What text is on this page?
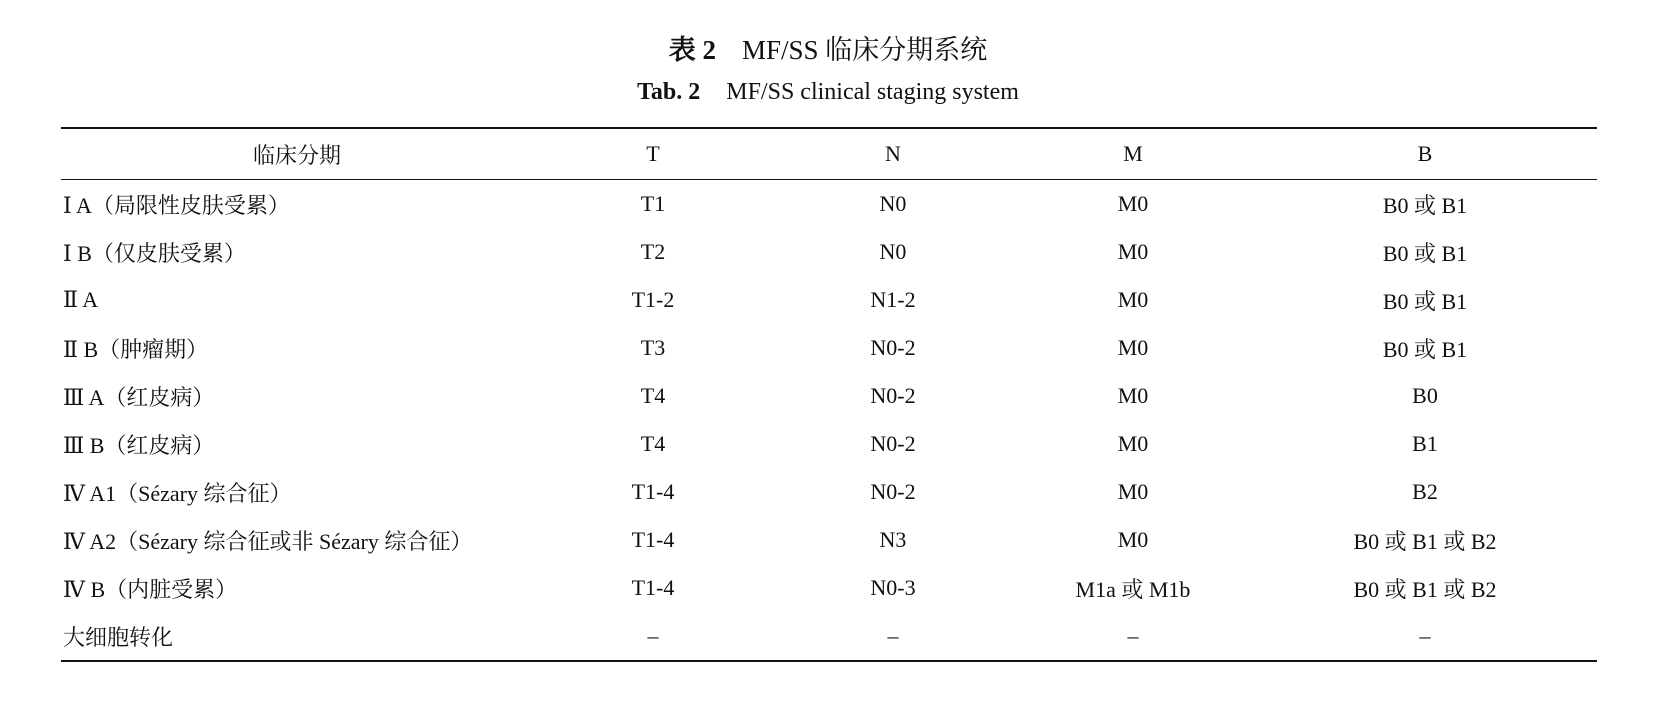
表 2 MF/SS 临床分期系统
Tab. 2 MF/SS clinical staging system
临床分期	T	N	M	B
Ⅰ A（局限性皮肤受累）	T1	N0	M0	B0 或 B1
Ⅰ B（仅皮肤受累）	T2	N0	M0	B0 或 B1
Ⅱ A	T1-2	N1-2	M0	B0 或 B1
Ⅱ B（肿瘤期）	T3	N0-2	M0	B0 或 B1
Ⅲ A（红皮病）	T4	N0-2	M0	B0
Ⅲ B（红皮病）	T4	N0-2	M0	B1
Ⅳ A1（Sézary 综合征）	T1-4	N0-2	M0	B2
Ⅳ A2（Sézary 综合征或非 Sézary 综合征）	T1-4	N3	M0	B0 或 B1 或 B2
Ⅳ B（内脏受累）	T1-4	N0-3	M1a 或 M1b	B0 或 B1 或 B2
大细胞转化	–	–	–	–
